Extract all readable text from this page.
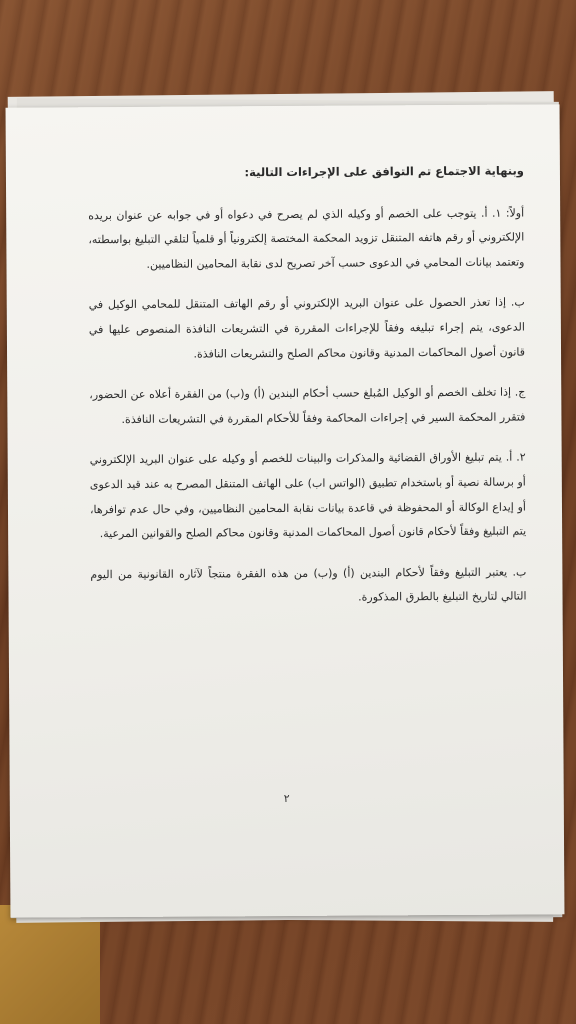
وبنهاية الاجتماع تم التوافق على الإجراءات التالية:

أولاً: ١. أ. يتوجب على الخصم أو وكيله الذي لم يصرح في دعواه أو في جوابه عن عنوان بريده الإلكتروني أو رقم هاتفه المتنقل تزويد المحكمة المختصة إلكترونياً أو قلمياً لتلقي التبليغ بواسطته، وتعتمد بيانات المحامي في الدعوى حسب آخر تصريح لدى نقابة المحامين النظاميين.

ب. إذا تعذر الحصول على عنوان البريد الإلكتروني أو رقم الهاتف المتنقل للمحامي الوكيل في الدعوى، يتم إجراء تبليغه وفقاً للإجراءات المقررة في التشريعات النافذة المنصوص عليها في قانون أصول المحاكمات المدنية وقانون محاكم الصلح والتشريعات النافذة.

ج. إذا تخلف الخصم أو الوكيل المُبلغ حسب أحكام البندين (أ) و(ب) من الفقرة أعلاه عن الحضور، فتقرر المحكمة السير في إجراءات المحاكمة وفقاً للأحكام المقررة في التشريعات النافذة.

٢. أ. يتم تبليغ الأوراق القضائية والمذكرات والبينات للخصم أو وكيله على عنوان البريد الإلكتروني أو برسالة نصية أو باستخدام تطبيق (الواتس اب) على الهاتف المتنقل المصرح به عند قيد الدعوى أو إيداع الوكالة أو المحفوظة في قاعدة بيانات نقابة المحامين النظاميين، وفي حال عدم توافرها، يتم التبليغ وفقاً لأحكام قانون أصول المحاكمات المدنية وقانون محاكم الصلح والقوانين المرعية.

ب. يعتبر التبليغ وفقاً لأحكام البندين (أ) و(ب) من هذه الفقرة منتجاً لآثاره القانونية من اليوم التالي لتاريخ التبليغ بالطرق المذكورة.

٢
